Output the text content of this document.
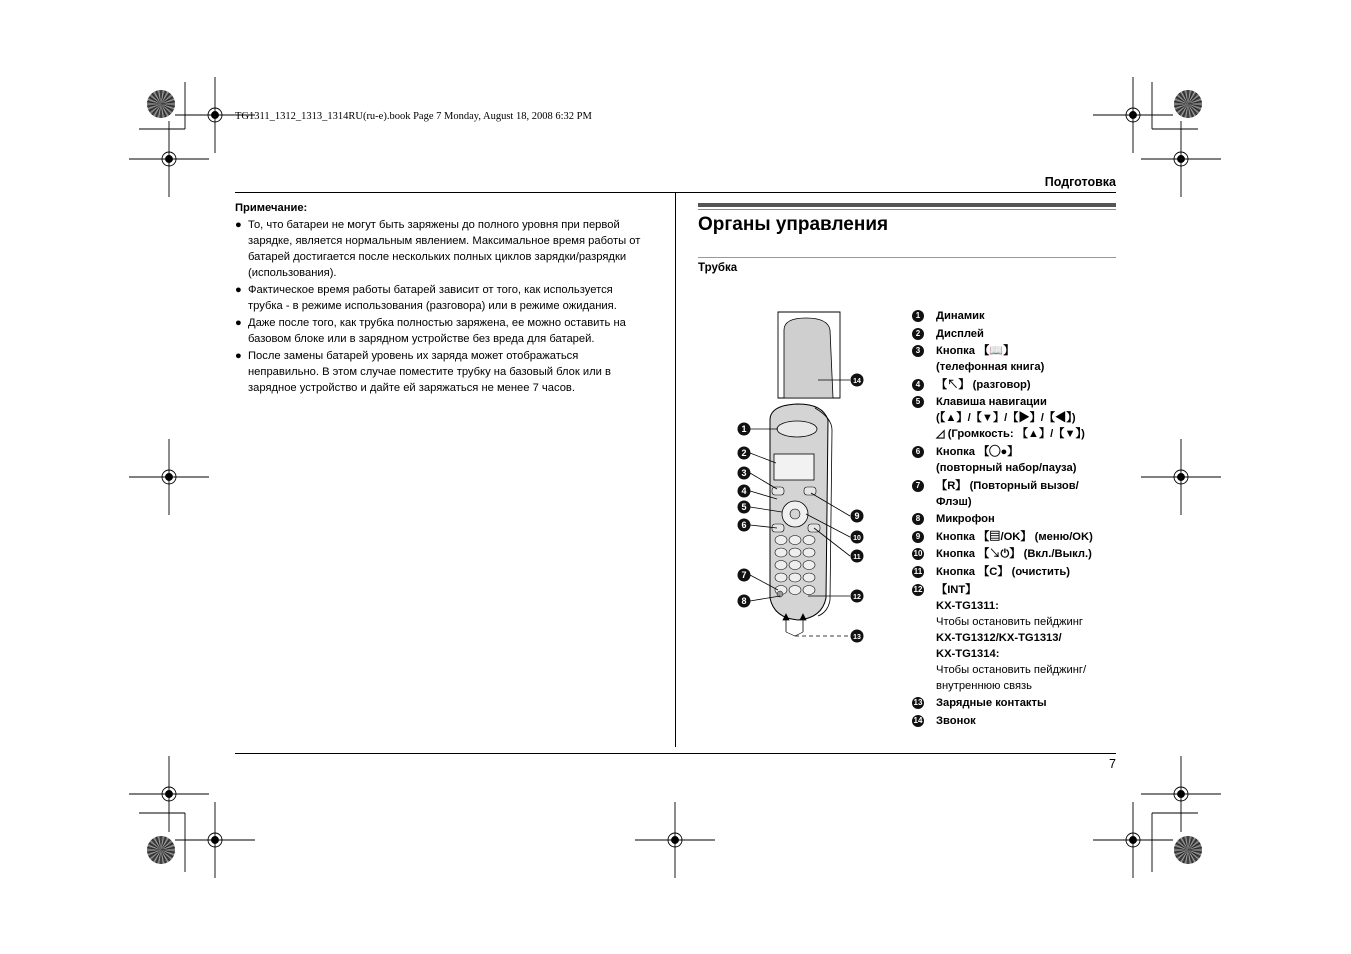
TG1311_1312_1313_1314RU(ru-e).book Page 7 Monday, August 18, 2008 6:32 PM
Подготовка
Примечание:
● То, что батареи не могут быть заряжены до полного уровня при первой
зарядке, является нормальным явлением. Максимальное время работы от
батарей достигается после нескольких полных циклов зарядки/разрядки
(использования).
● Фактическое время работы батарей зависит от того, как используется
трубка - в режиме использования (разговора) или в режиме ожидания.
● Даже после того, как трубка полностью заряжена, ее можно оставить на
базовом блоке или в зарядном устройстве без вреда для батарей.
● После замены батарей уровень их заряда может отображаться
неправильно. В этом случае поместите трубку на базовый блок или в
зарядное устройство и дайте ей заряжаться не менее 7 часов.
Органы управления
Трубка
1
2
3
4
5
6
7
8
9
10
11
12
13
14
1	Динамик
2	Дисплей
3	Кнопка 【📖】
(телефонная книга)
4	【↖】 (разговор)
5	Клавиша навигации
(【▲】/【▼】/【▶】/【◀】)
◿ (Громкость: 【▲】/【▼】)
6	Кнопка 【◯●】
(повторный набор/пауза)
7	【R】 (Повторный вызов/Флэш)
8	Микрофон
9	Кнопка 【▤/OK】 (меню/OK)
10 Кнопка 【↘⏻】 (Вкл./Выкл.)
11 Кнопка 【C】 (очистить)
12 【INT】
KX-TG1311:
Чтобы остановить пейджинг
KX-TG1312/KX-TG1313/
KX-TG1314:
Чтобы остановить пейджинг/
внутреннюю связь
13 Зарядные контакты
14 Звонок
7
